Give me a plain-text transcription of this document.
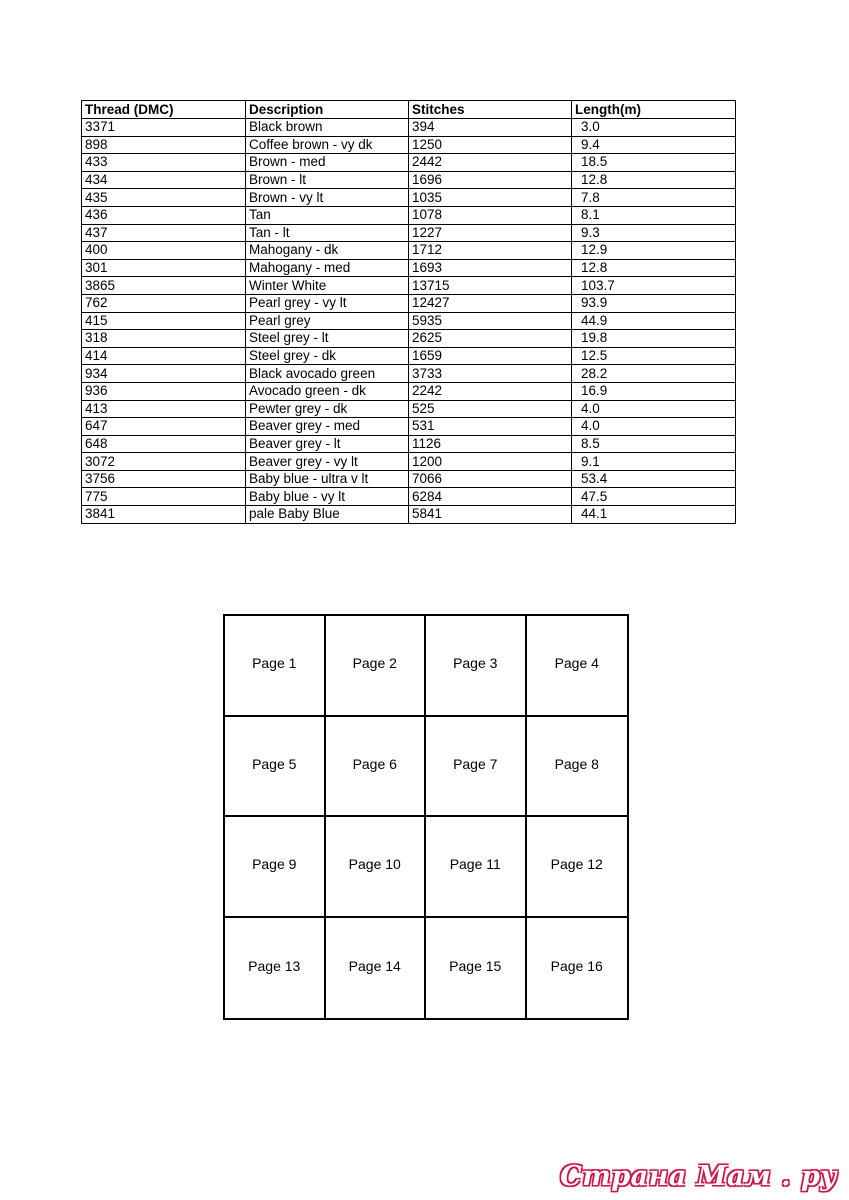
Thread (DMC)	Description	Stitches	Length(m)
3371	Black brown	394	3.0
898	Coffee brown - vy dk	1250	9.4
433	Brown - med	2442	18.5
434	Brown - lt	1696	12.8
435	Brown - vy lt	1035	7.8
436	Tan	1078	8.1
437	Tan - lt	1227	9.3
400	Mahogany - dk	1712	12.9
301	Mahogany - med	1693	12.8
3865	Winter White	13715	103.7
762	Pearl grey - vy lt	12427	93.9
415	Pearl grey	5935	44.9
318	Steel grey - lt	2625	19.8
414	Steel grey - dk	1659	12.5
934	Black avocado green	3733	28.2
936	Avocado green - dk	2242	16.9
413	Pewter grey - dk	525	4.0
647	Beaver grey - med	531	4.0
648	Beaver grey - lt	1126	8.5
3072	Beaver grey - vy lt	1200	9.1
3756	Baby blue - ultra v lt	7066	53.4
775	Baby blue - vy lt	6284	47.5
3841	pale Baby Blue	5841	44.1
Page 1	Page 2	Page 3	Page 4
Page 5	Page 6	Page 7	Page 8
Page 9	Page 10	Page 11	Page 12
Page 13	Page 14	Page 15	Page 16
Страна Мам . ру
